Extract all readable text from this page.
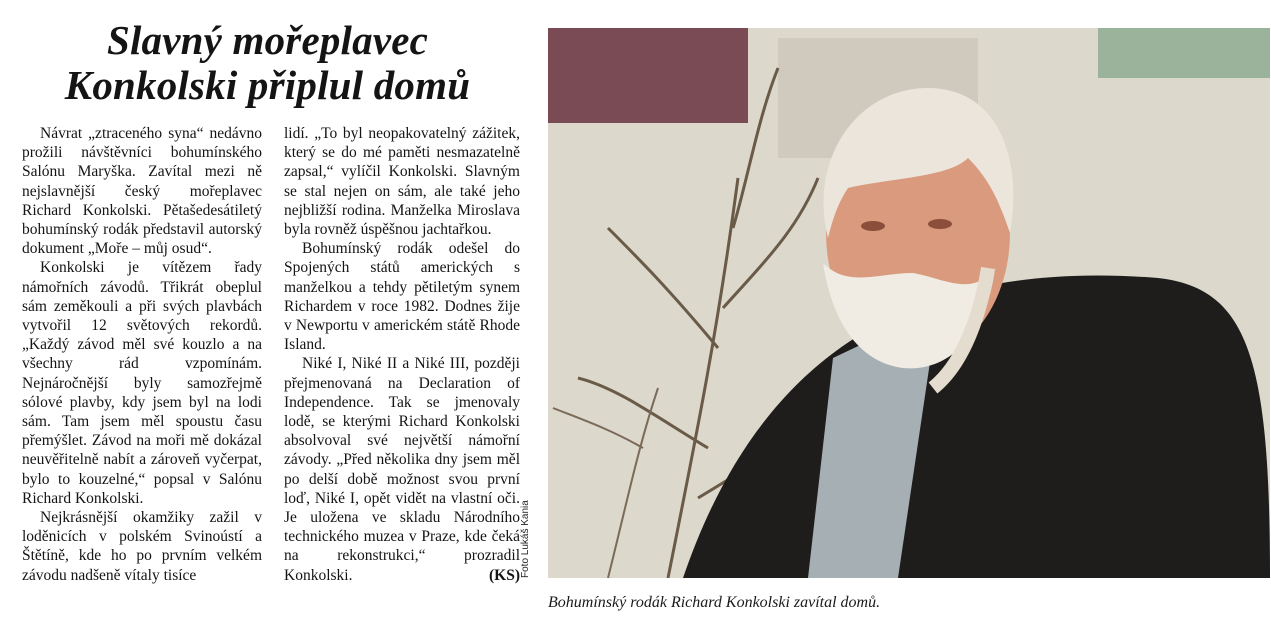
Slavný mořeplavec
Konkolski připlul domů

Návrat „ztraceného syna“ nedávno prožili návštěvníci bohumínského Salónu Maryška. Zavítal mezi ně nejslavnější český mořeplavec Richard Konkolski. Pětašedesátiletý bohumínský rodák představil autorský dokument „Moře – můj osud“.

Konkolski je vítězem řady námořních závodů. Třikrát obeplul sám zeměkouli a při svých plavbách vytvořil 12 světových rekordů. „Každý závod měl své kouzlo a na všechny rád vzpomínám. Nejnáročnější byly samozřejmě sólové plavby, kdy jsem byl na lodi sám. Tam jsem měl spoustu času přemýšlet. Závod na moři mě dokázal neuvěřitelně nabít a zároveň vyčerpat, bylo to kouzelné,“ popsal v Salónu Richard Konkolski.

Nejkrásnější okamžiky zažil v loděnicích v polském Svinoústí a Štětíně, kde ho po prvním velkém závodu nadšeně vítaly tisíce

lidí. „To byl neopakovatelný zážitek, který se do mé paměti nesmazatelně zapsal,“ vylíčil Konkolski. Slavným se stal nejen on sám, ale také jeho nejbližší rodina. Manželka Miroslava byla rovněž úspěšnou jachtařkou.

Bohumínský rodák odešel do Spojených států amerických s manželkou a tehdy pětiletým synem Richardem v roce 1982. Dodnes žije v Newportu v americkém státě Rhode Island.

Niké I, Niké II a Niké III, později přejmenovaná na Declaration of Independence. Tak se jmenovaly lodě, se kterými Richard Konkolski absolvoval své největší námořní závody. „Před několika dny jsem měl po delší době možnost svou první loď, Niké I, opět vidět na vlastní oči. Je uložena ve skladu Národního technického muzea v Praze, kde čeká na rekonstrukci,“ prozradil Konkolski.	(KS) Foto Lukáš Kania
Bohumínský rodák Richard Konkolski zavítal domů.
